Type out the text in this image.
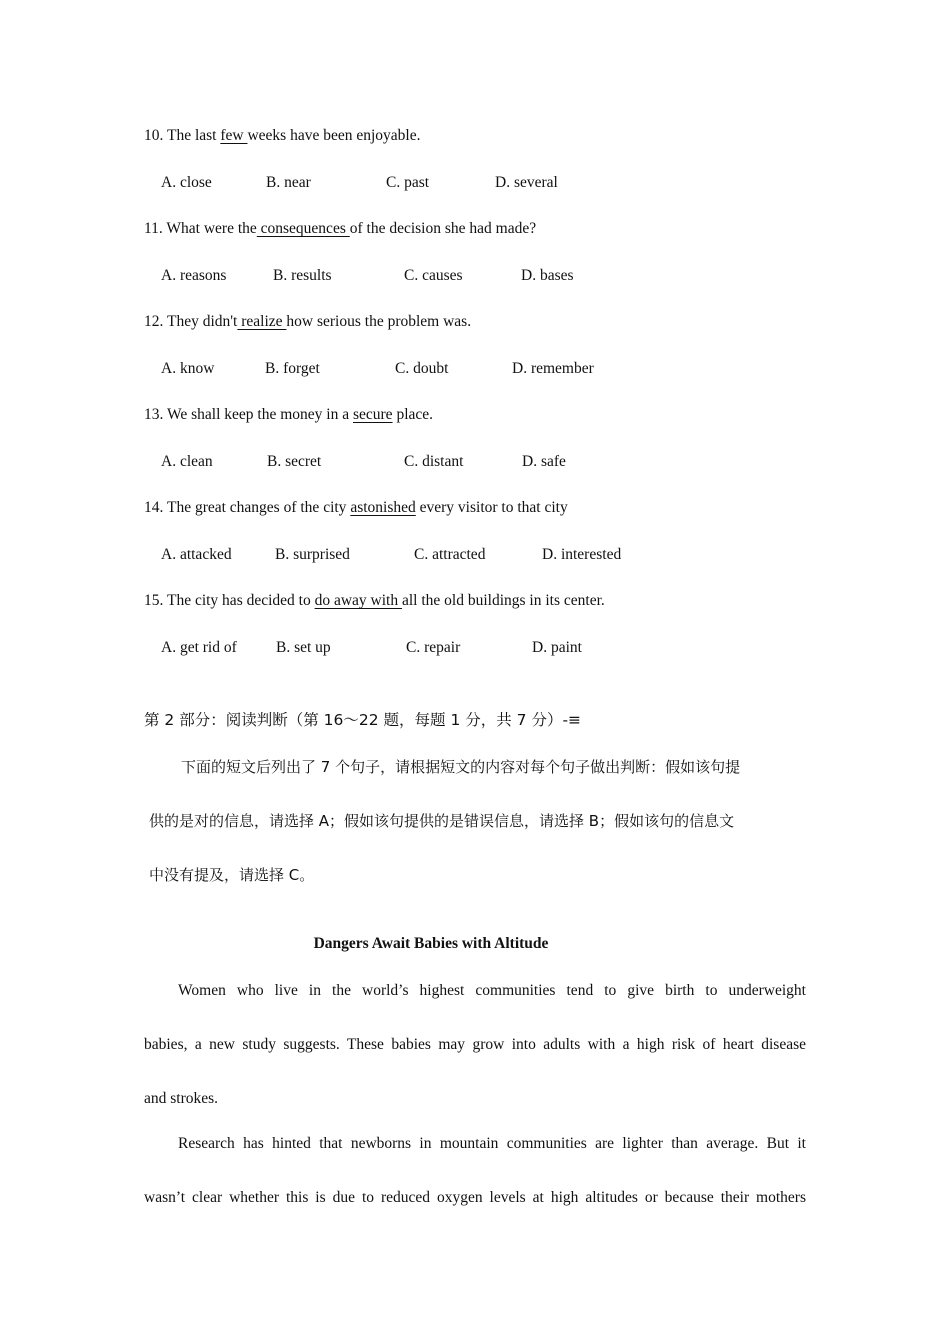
10. The last few weeks have been enjoyable.
A. close	B. near	C. past	D. several
11. What were the consequences of the decision she had made?
A. reasons	B. results	C. causes	D. bases
12. They didn't realize how serious the problem was.
A. know	B. forget	C. doubt	D. remember
13. We shall keep the money in a secure place.
A. clean	B. secret	C. distant	D. safe
14. The great changes of the city astonished every visitor to that city
A. attacked	B. surprised	C. attracted	D. interested
15. The city has decided to do away with all the old buildings in its center.
A. get rid of	B. set up	C. repair	D. paint
第 2 部分：阅读判断（第 16～22 题，每题 1 分，共 7 分）-≡
下面的短文后列出了 7 个句子，请根据短文的内容对每个句子做出判断：假如该句提
供的是对的信息，请选择 A；假如该句提供的是错误信息，请选择 B；假如该句的信息文
中没有提及，请选择 C。
Dangers Await Babies with Altitude
Women who live in the world’s highest communities tend to give birth to underweight
babies, a new study suggests. These babies may grow into adults with a high risk of heart disease
and strokes.
Research has hinted that newborns in mountain communities are lighter than average. But it
wasn’t clear whether this is due to reduced oxygen levels at high altitudes or because their mothers
